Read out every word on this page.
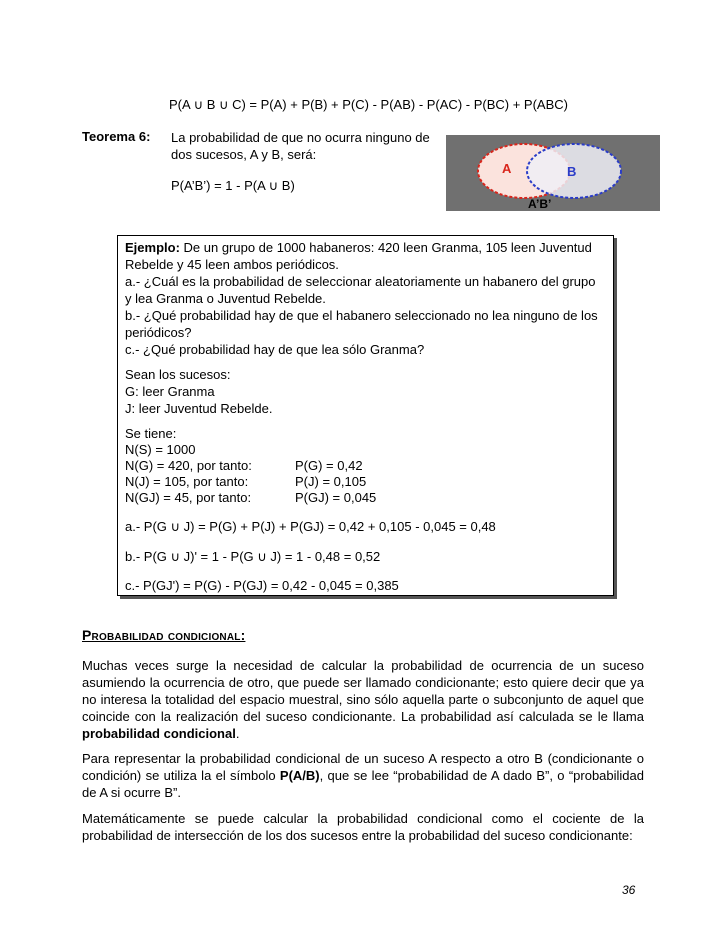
P(A ∪ B ∪ C) = P(A) + P(B) + P(C) - P(AB) - P(AC) - P(BC) + P(ABC)
Teorema 6: La probabilidad de que no ocurra ninguno de
dos sucesos, A y B, será:
P(A’B’) = 1 - P(A ∪ B)
A	B
A’B’
Ejemplo: De un grupo de 1000 habaneros: 420 leen Granma, 105 leen Juventud
Rebelde y 45 leen ambos periódicos.
a.- ¿Cuál es la probabilidad de seleccionar aleatoriamente un habanero del grupo
y lea Granma o Juventud Rebelde.
b.- ¿Qué probabilidad hay de que el habanero seleccionado no lea ninguno de los
periódicos?
c.- ¿Qué probabilidad hay de que lea sólo Granma?
Sean los sucesos:
G: leer Granma
J: leer Juventud Rebelde.
Se tiene:
N(S) = 1000
N(G) = 420, por tanto:	P(G) = 0,42
N(J) = 105, por tanto:	P(J) = 0,105
N(GJ) = 45, por tanto:	P(GJ) = 0,045
a.- P(G ∪ J) = P(G) + P(J) + P(GJ) = 0,42 + 0,105 - 0,045 = 0,48
b.- P(G ∪ J)' = 1 - P(G ∪ J) = 1 - 0,48 = 0,52
c.- P(GJ') = P(G) - P(GJ) = 0,42 - 0,045 = 0,385
Probabilidad condicional:
Muchas veces surge la necesidad de calcular la probabilidad de ocurrencia de un suceso asumiendo la ocurrencia de otro, que puede ser llamado condicionante; esto quiere decir que ya no interesa la totalidad del espacio muestral, sino sólo aquella parte o subconjunto de aquel que coincide con la realización del suceso condicionante. La probabilidad así calculada se le llama probabilidad condicional.
Para representar la probabilidad condicional de un suceso A respecto a otro B (condicionante o condición) se utiliza la el símbolo P(A/B), que se lee “probabilidad de A dado B”, o “probabilidad de A si ocurre B”.
Matemáticamente se puede calcular la probabilidad condicional como el cociente de la probabilidad de intersección de los dos sucesos entre la probabilidad del suceso condicionante:
36
